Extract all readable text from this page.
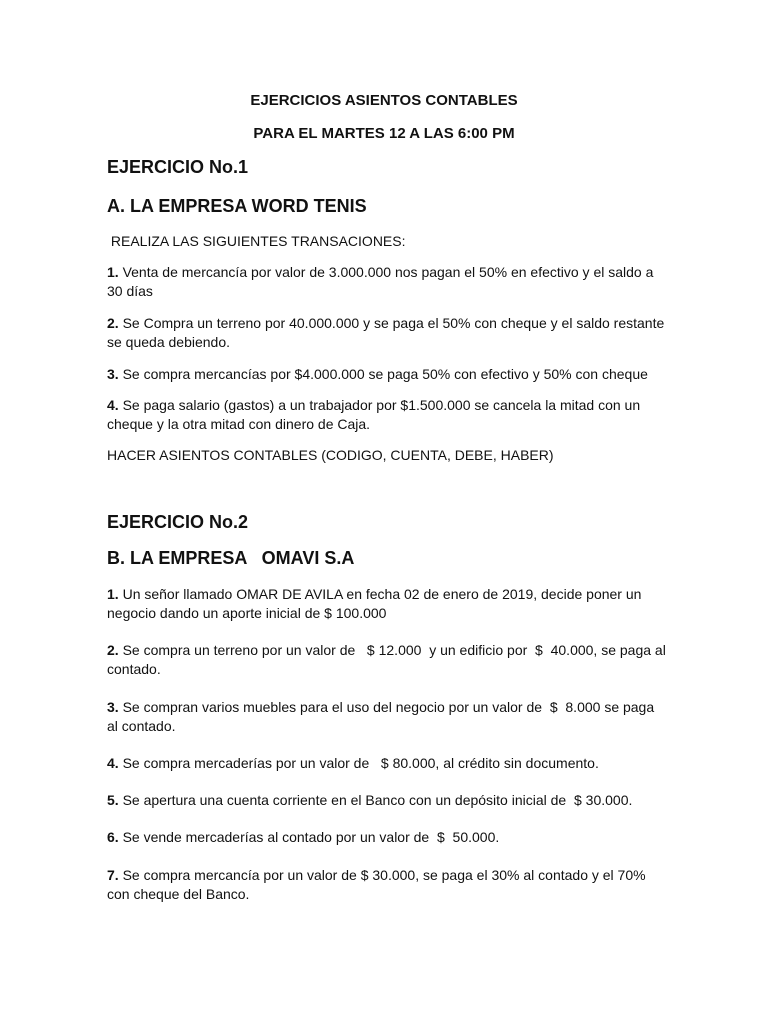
EJERCICIOS ASIENTOS CONTABLES
PARA EL MARTES 12 A LAS 6:00 PM
EJERCICIO No.1
A. LA EMPRESA WORD TENIS
REALIZA LAS SIGUIENTES TRANSACIONES:
1. Venta de mercancía por valor de 3.000.000 nos pagan el 50% en efectivo y el saldo a 30 días
2. Se Compra un terreno por 40.000.000 y se paga el 50% con cheque y el saldo restante se queda debiendo.
3. Se compra mercancías por $4.000.000 se paga 50% con efectivo y 50% con cheque
4. Se paga salario (gastos) a un trabajador por $1.500.000 se cancela la mitad con un cheque y la otra mitad con dinero de Caja.
HACER ASIENTOS CONTABLES (CODIGO, CUENTA, DEBE, HABER)
EJERCICIO No.2
B. LA EMPRESA   OMAVI S.A
1. Un señor llamado OMAR DE AVILA en fecha 02 de enero de 2019, decide poner un negocio dando un aporte inicial de $ 100.000
2. Se compra un terreno por un valor de   $ 12.000  y un edificio por  $  40.000, se paga al contado.
3. Se compran varios muebles para el uso del negocio por un valor de  $  8.000 se paga al contado.
4. Se compra mercaderías por un valor de   $ 80.000, al crédito sin documento.
5. Se apertura una cuenta corriente en el Banco con un depósito inicial de  $ 30.000.
6. Se vende mercaderías al contado por un valor de  $  50.000.
7. Se compra mercancía por un valor de $ 30.000, se paga el 30% al contado y el 70% con cheque del Banco.
